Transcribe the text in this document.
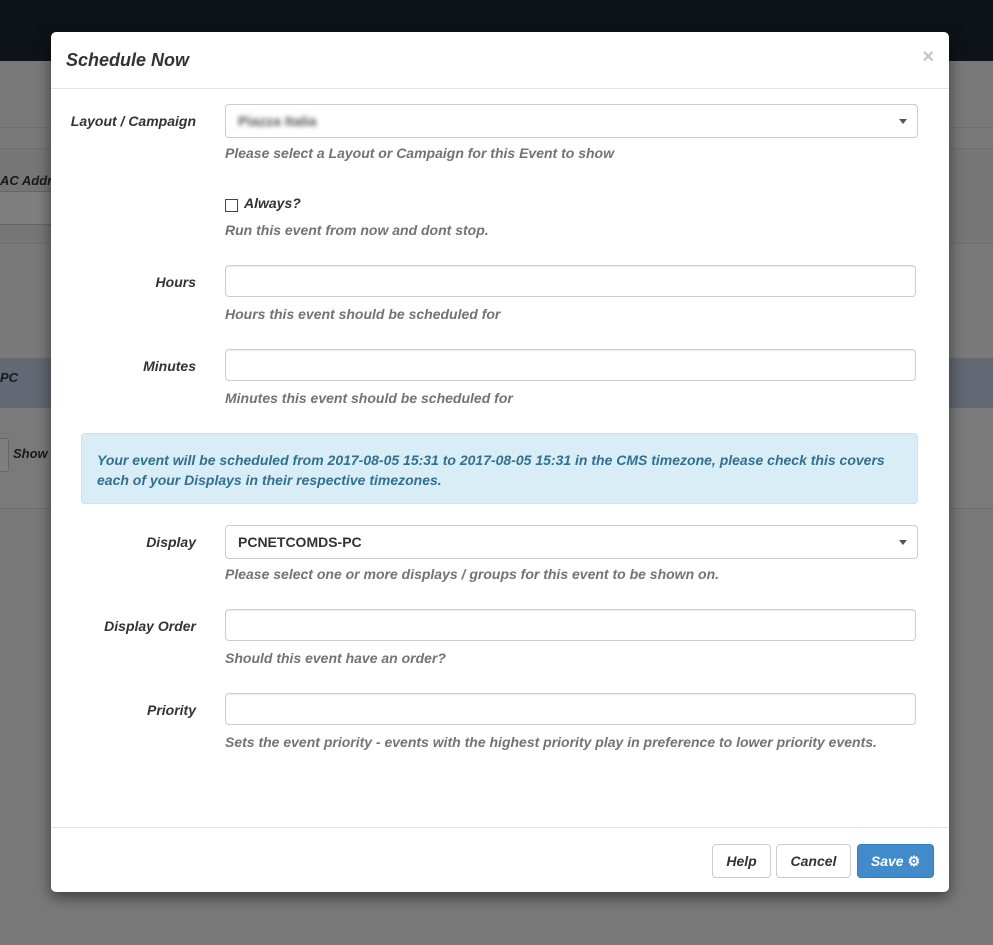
Schedule Now	×
Layout / Campaign	Piazza Italia
Please select a Layout or Campaign for this Event to show
Always?
Run this event from now and dont stop.
Hours
Hours this event should be scheduled for
Minutes
Minutes this event should be scheduled for
Your event will be scheduled from 2017-08-05 15:31 to 2017-08-05 15:31 in the CMS timezone, please check this covers each of your Displays in their respective timezones.
Display	PCNETCOMDS-PC
Please select one or more displays / groups for this event to be shown on.
Display Order
Should this event have an order?
Priority
Sets the event priority - events with the highest priority play in preference to lower priority events.
Help Cancel Save ⚙
